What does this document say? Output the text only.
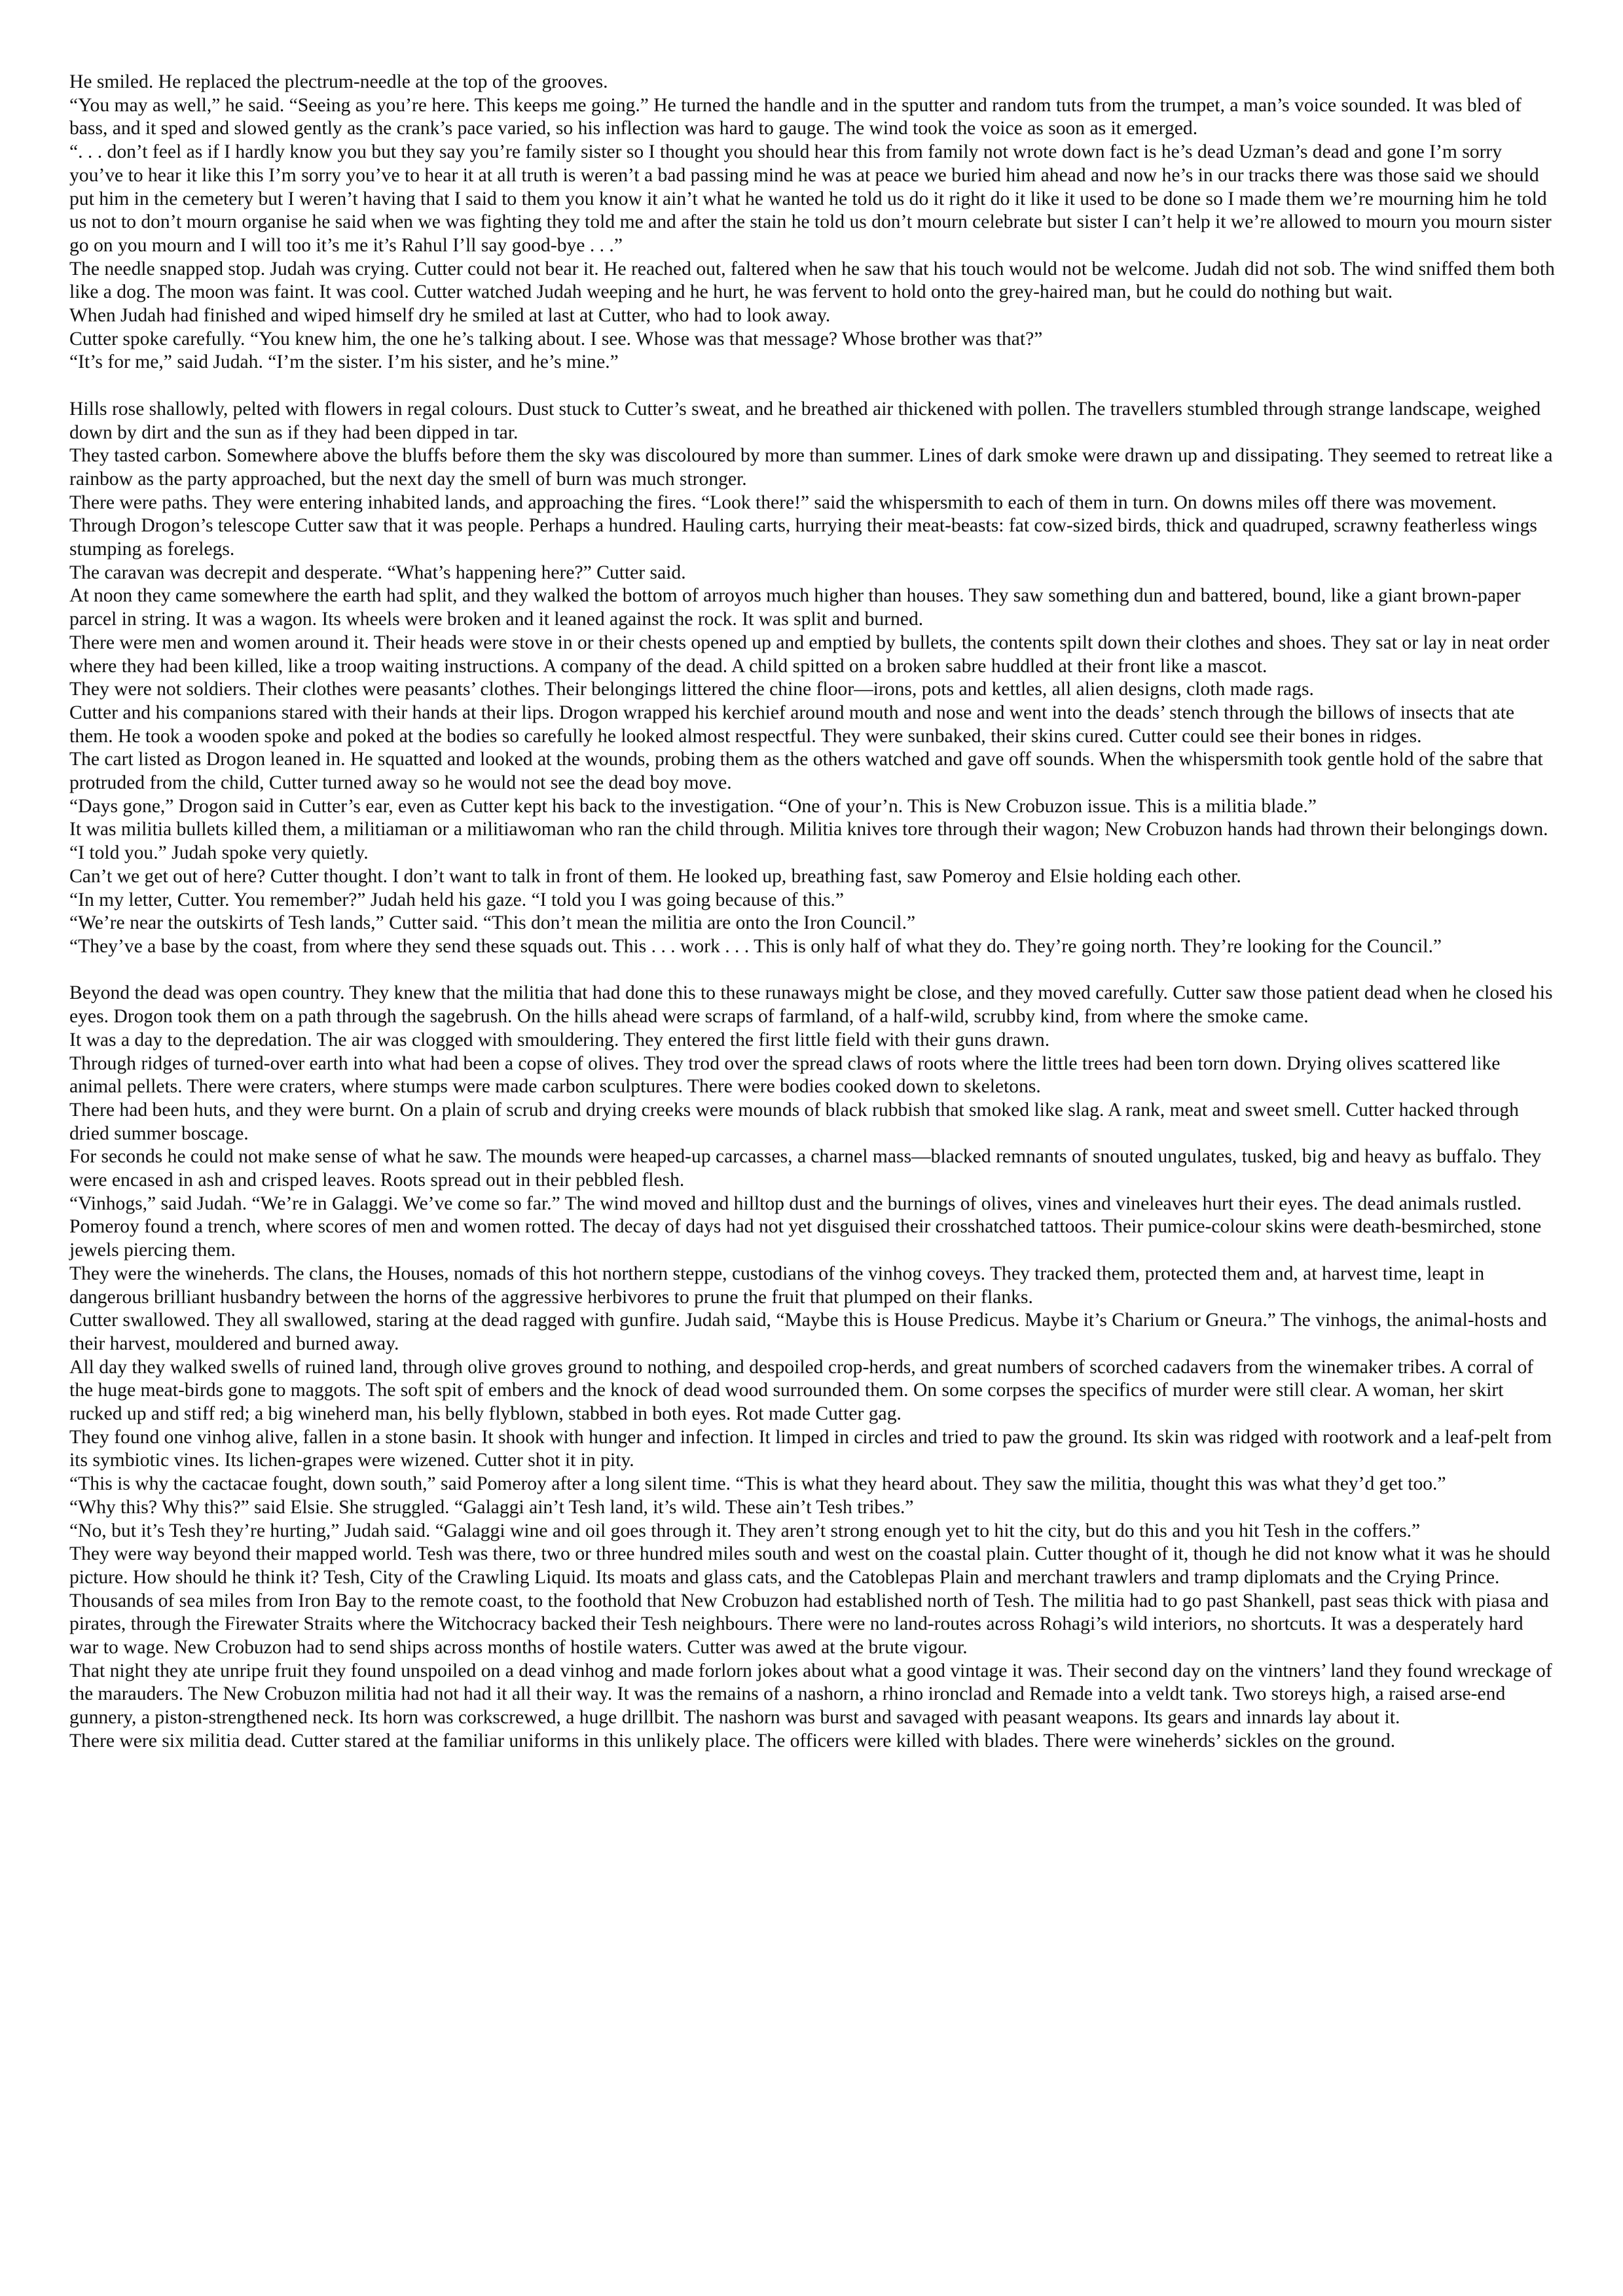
He smiled. He replaced the plectrum-needle at the top of the grooves.

“You may as well,” he said. “Seeing as you’re here. This keeps me going.” He turned the handle and in the sputter and random tuts from the trumpet, a man’s voice sounded. It was bled of bass, and it sped and slowed gently as the crank’s pace varied, so his inflection was hard to gauge. The wind took the voice as soon as it emerged.

“. . . don’t feel as if I hardly know you but they say you’re family sister so I thought you should hear this from family not wrote down fact is he’s dead Uzman’s dead and gone I’m sorry you’ve to hear it like this I’m sorry you’ve to hear it at all truth is weren’t a bad passing mind he was at peace we buried him ahead and now he’s in our tracks there was those said we should put him in the cemetery but I weren’t having that I said to them you know it ain’t what he wanted he told us do it right do it like it used to be done so I made them we’re mourning him he told us not to don’t mourn organise he said when we was fighting they told me and after the stain he told us don’t mourn celebrate but sister I can’t help it we’re allowed to mourn you mourn sister go on you mourn and I will too it’s me it’s Rahul I’ll say good-bye . . .”

The needle snapped stop. Judah was crying. Cutter could not bear it. He reached out, faltered when he saw that his touch would not be welcome. Judah did not sob. The wind sniffed them both like a dog. The moon was faint. It was cool. Cutter watched Judah weeping and he hurt, he was fervent to hold onto the grey-haired man, but he could do nothing but wait.

When Judah had finished and wiped himself dry he smiled at last at Cutter, who had to look away.

Cutter spoke carefully. “You knew him, the one he’s talking about. I see. Whose was that message? Whose brother was that?”

“It’s for me,” said Judah. “I’m the sister. I’m his sister, and he’s mine.”

Hills rose shallowly, pelted with flowers in regal colours. Dust stuck to Cutter’s sweat, and he breathed air thickened with pollen. The travellers stumbled through strange landscape, weighed down by dirt and the sun as if they had been dipped in tar.

They tasted carbon. Somewhere above the bluffs before them the sky was discoloured by more than summer. Lines of dark smoke were drawn up and dissipating. They seemed to retreat like a rainbow as the party approached, but the next day the smell of burn was much stronger.

There were paths. They were entering inhabited lands, and approaching the fires. “Look there!” said the whispersmith to each of them in turn. On downs miles off there was movement. Through Drogon’s telescope Cutter saw that it was people. Perhaps a hundred. Hauling carts, hurrying their meat-beasts: fat cow-sized birds, thick and quadruped, scrawny featherless wings stumping as forelegs.

The caravan was decrepit and desperate. “What’s happening here?” Cutter said.

At noon they came somewhere the earth had split, and they walked the bottom of arroyos much higher than houses. They saw something dun and battered, bound, like a giant brown-paper parcel in string. It was a wagon. Its wheels were broken and it leaned against the rock. It was split and burned.

There were men and women around it. Their heads were stove in or their chests opened up and emptied by bullets, the contents spilt down their clothes and shoes. They sat or lay in neat order where they had been killed, like a troop waiting instructions. A company of the dead. A child spitted on a broken sabre huddled at their front like a mascot.

They were not soldiers. Their clothes were peasants’ clothes. Their belongings littered the chine floor—irons, pots and kettles, all alien designs, cloth made rags.

Cutter and his companions stared with their hands at their lips. Drogon wrapped his kerchief around mouth and nose and went into the deads’ stench through the billows of insects that ate them. He took a wooden spoke and poked at the bodies so carefully he looked almost respectful. They were sunbaked, their skins cured. Cutter could see their bones in ridges.

The cart listed as Drogon leaned in. He squatted and looked at the wounds, probing them as the others watched and gave off sounds. When the whispersmith took gentle hold of the sabre that protruded from the child, Cutter turned away so he would not see the dead boy move.

“Days gone,” Drogon said in Cutter’s ear, even as Cutter kept his back to the investigation. “One of your’n. This is New Crobuzon issue. This is a militia blade.”

It was militia bullets killed them, a militiaman or a militiawoman who ran the child through. Militia knives tore through their wagon; New Crobuzon hands had thrown their belongings down.

“I told you.” Judah spoke very quietly.

Can’t we get out of here? Cutter thought. I don’t want to talk in front of them. He looked up, breathing fast, saw Pomeroy and Elsie holding each other.

“In my letter, Cutter. You remember?” Judah held his gaze. “I told you I was going because of this.”

“We’re near the outskirts of Tesh lands,” Cutter said. “This don’t mean the militia are onto the Iron Council.”

“They’ve a base by the coast, from where they send these squads out. This . . . work . . . This is only half of what they do. They’re going north. They’re looking for the Council.”

Beyond the dead was open country. They knew that the militia that had done this to these runaways might be close, and they moved carefully. Cutter saw those patient dead when he closed his eyes. Drogon took them on a path through the sagebrush. On the hills ahead were scraps of farmland, of a half-wild, scrubby kind, from where the smoke came.

It was a day to the depredation. The air was clogged with smouldering. They entered the first little field with their guns drawn.

Through ridges of turned-over earth into what had been a copse of olives. They trod over the spread claws of roots where the little trees had been torn down. Drying olives scattered like animal pellets. There were craters, where stumps were made carbon sculptures. There were bodies cooked down to skeletons.

There had been huts, and they were burnt. On a plain of scrub and drying creeks were mounds of black rubbish that smoked like slag. A rank, meat and sweet smell. Cutter hacked through dried summer boscage.

For seconds he could not make sense of what he saw. The mounds were heaped-up carcasses, a charnel mass—blacked remnants of snouted ungulates, tusked, big and heavy as buffalo. They were encased in ash and crisped leaves. Roots spread out in their pebbled flesh.

“Vinhogs,” said Judah. “We’re in Galaggi. We’ve come so far.” The wind moved and hilltop dust and the burnings of olives, vines and vineleaves hurt their eyes. The dead animals rustled.

Pomeroy found a trench, where scores of men and women rotted. The decay of days had not yet disguised their crosshatched tattoos. Their pumice-colour skins were death-besmirched, stone jewels piercing them.

They were the wineherds. The clans, the Houses, nomads of this hot northern steppe, custodians of the vinhog coveys. They tracked them, protected them and, at harvest time, leapt in dangerous brilliant husbandry between the horns of the aggressive herbivores to prune the fruit that plumped on their flanks.

Cutter swallowed. They all swallowed, staring at the dead ragged with gunfire. Judah said, “Maybe this is House Predicus. Maybe it’s Charium or Gneura.” The vinhogs, the animal-hosts and their harvest, mouldered and burned away.

All day they walked swells of ruined land, through olive groves ground to nothing, and despoiled crop-herds, and great numbers of scorched cadavers from the winemaker tribes. A corral of the huge meat-birds gone to maggots. The soft spit of embers and the knock of dead wood surrounded them. On some corpses the specifics of murder were still clear. A woman, her skirt rucked up and stiff red; a big wineherd man, his belly flyblown, stabbed in both eyes. Rot made Cutter gag.

They found one vinhog alive, fallen in a stone basin. It shook with hunger and infection. It limped in circles and tried to paw the ground. Its skin was ridged with rootwork and a leaf-pelt from its symbiotic vines. Its lichen-grapes were wizened. Cutter shot it in pity.

“This is why the cactacae fought, down south,” said Pomeroy after a long silent time. “This is what they heard about. They saw the militia, thought this was what they’d get too.”

“Why this? Why this?” said Elsie. She struggled. “Galaggi ain’t Tesh land, it’s wild. These ain’t Tesh tribes.”

“No, but it’s Tesh they’re hurting,” Judah said. “Galaggi wine and oil goes through it. They aren’t strong enough yet to hit the city, but do this and you hit Tesh in the coffers.”

They were way beyond their mapped world. Tesh was there, two or three hundred miles south and west on the coastal plain. Cutter thought of it, though he did not know what it was he should picture. How should he think it? Tesh, City of the Crawling Liquid. Its moats and glass cats, and the Catoblepas Plain and merchant trawlers and tramp diplomats and the Crying Prince.

Thousands of sea miles from Iron Bay to the remote coast, to the foothold that New Crobuzon had established north of Tesh. The militia had to go past Shankell, past seas thick with piasa and pirates, through the Firewater Straits where the Witchocracy backed their Tesh neighbours. There were no land-routes across Rohagi’s wild interiors, no shortcuts. It was a desperately hard war to wage. New Crobuzon had to send ships across months of hostile waters. Cutter was awed at the brute vigour.

That night they ate unripe fruit they found unspoiled on a dead vinhog and made forlorn jokes about what a good vintage it was. Their second day on the vintners’ land they found wreckage of the marauders. The New Crobuzon militia had not had it all their way. It was the remains of a nashorn, a rhino ironclad and Remade into a veldt tank. Two storeys high, a raised arse-end gunnery, a piston-strengthened neck. Its horn was corkscrewed, a huge drillbit. The nashorn was burst and savaged with peasant weapons. Its gears and innards lay about it.

There were six militia dead. Cutter stared at the familiar uniforms in this unlikely place. The officers were killed with blades. There were wineherds’ sickles on the ground.
